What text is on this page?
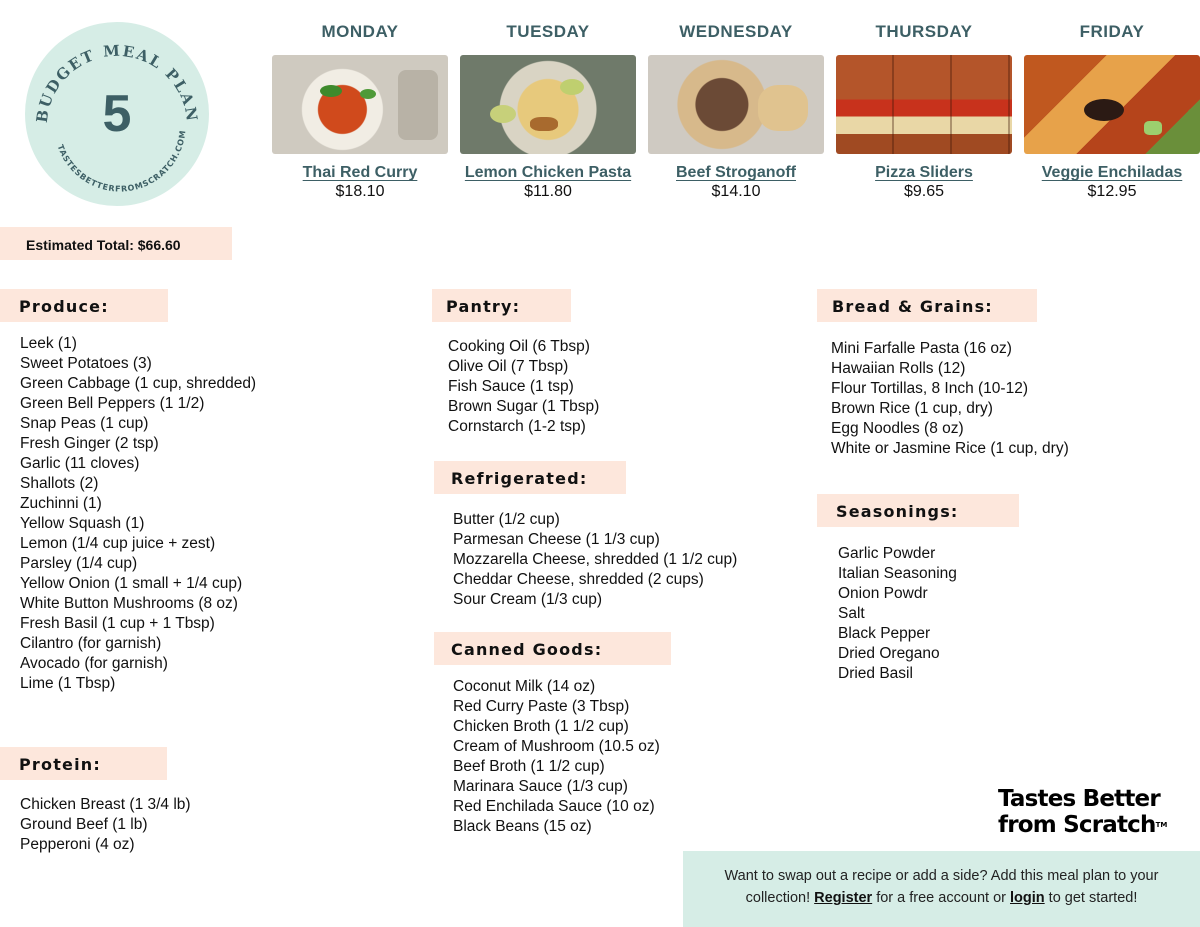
BUDGET MEAL PLAN
TASTESBETTERFROMSCRATCH.COM
5
MONDAY
Thai Red Curry
$18.10
TUESDAY
Lemon Chicken Pasta
$11.80
WEDNESDAY
Beef Stroganoff
$14.10
THURSDAY
Pizza Sliders
$9.65
FRIDAY
Veggie Enchiladas
$12.95
Estimated Total: $66.60
Produce:
Leek (1)
Sweet Potatoes (3)
Green Cabbage (1 cup, shredded)
Green Bell Peppers (1 1/2)
Snap Peas (1 cup)
Fresh Ginger (2 tsp)
Garlic (11 cloves)
Shallots (2)
Zuchinni (1)
Yellow Squash (1)
Lemon (1/4 cup juice + zest)
Parsley (1/4 cup)
Yellow Onion (1 small + 1/4 cup)
White Button Mushrooms (8 oz)
Fresh Basil (1 cup + 1 Tbsp)
Cilantro (for garnish)
Avocado (for garnish)
Lime (1 Tbsp)
Protein:
Chicken Breast (1 3/4 lb)
Ground Beef (1 lb)
Pepperoni (4 oz)
Pantry:
Cooking Oil (6 Tbsp)
Olive Oil (7 Tbsp)
Fish Sauce (1 tsp)
Brown Sugar (1 Tbsp)
Cornstarch (1-2 tsp)
Refrigerated:
Butter (1/2 cup)
Parmesan Cheese (1 1/3 cup)
Mozzarella Cheese, shredded (1 1/2 cup)
Cheddar Cheese, shredded (2 cups)
Sour Cream (1/3 cup)
Canned Goods:
Coconut Milk (14 oz)
Red Curry Paste (3 Tbsp)
Chicken Broth (1 1/2 cup)
Cream of Mushroom (10.5 oz)
Beef Broth (1 1/2 cup)
Marinara Sauce (1/3 cup)
Red Enchilada Sauce (10 oz)
Black Beans (15 oz)
Bread & Grains:
Mini Farfalle Pasta (16 oz)
Hawaiian Rolls (12)
Flour Tortillas, 8 Inch (10-12)
Brown Rice (1 cup, dry)
Egg Noodles (8 oz)
White or Jasmine Rice (1 cup, dry)
Seasonings:
Garlic Powder
Italian Seasoning
Onion Powdr
Salt
Black Pepper
Dried Oregano
Dried Basil
Tastes Better
from ScratchTM
Want to swap out a recipe or add a side? Add this meal plan to your collection! Register for a free account or login to get started!
